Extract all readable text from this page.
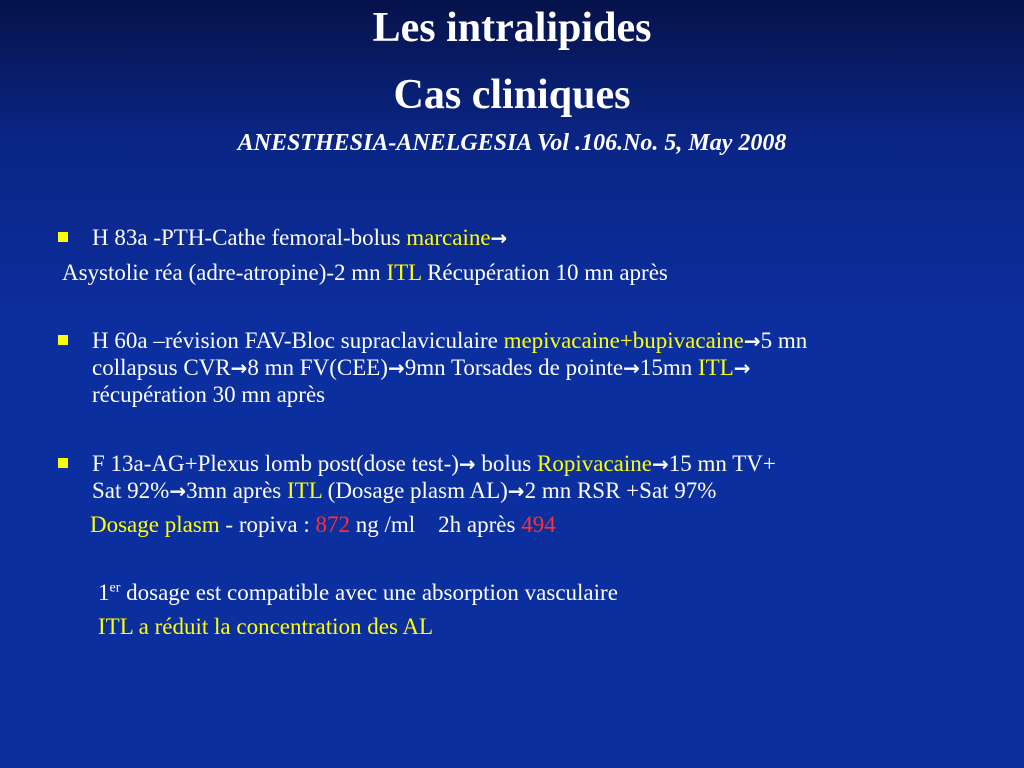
Les intralipides
Cas cliniques
ANESTHESIA-ANELGESIA Vol .106.No. 5, May 2008
H 83a -PTH-Cathe femoral-bolus marcaine→
Asystolie réa (adre-atropine)-2 mn ITL Récupération 10 mn après
H 60a –révision FAV-Bloc supraclaviculaire mepivacaine+bupivacaine→5 mn
collapsus CVR→8 mn FV(CEE)→9mn Torsades de pointe→15mn ITL→
récupération 30 mn après
F 13a-AG+Plexus lomb post(dose test-)→ bolus Ropivacaine→15 mn TV+
Sat 92%→3mn après ITL (Dosage plasm AL)→2 mn RSR +Sat 97%
Dosage plasm - ropiva : 872 ng /ml    2h après 494
1er dosage est compatible avec une absorption vasculaire
ITL a réduit la concentration des AL
